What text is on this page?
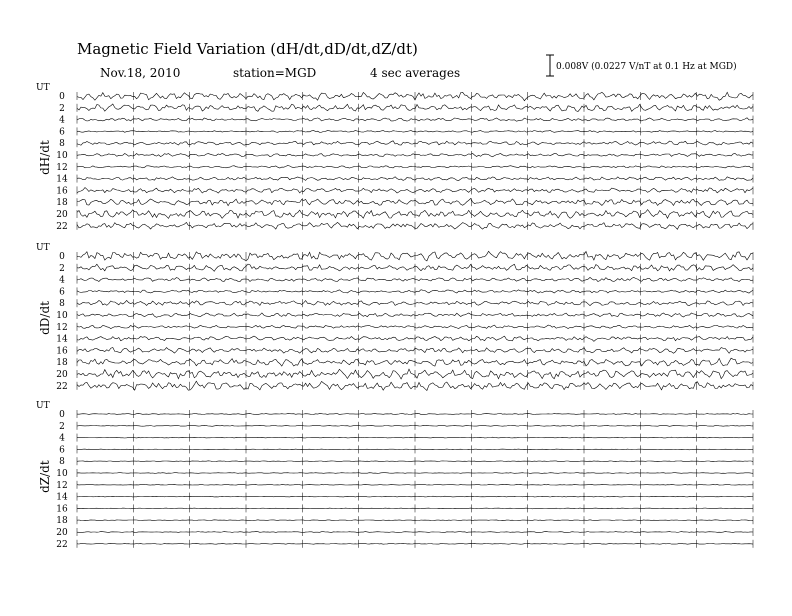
Magnetic Field Variation (dH/dt,dD/dt,dZ/dt)
Nov.18, 2010	station=MGD	4 sec averages	0.008V (0.0227 V/nT at 0.1 Hz at MGD)
UT
dH/dt
0
2
4
6
8
10
12
14
16
18
20
22
UT
dD/dt
0
2
4
6
8
10
12
14
16
18
20
22
UT
dZ/dt
0
2
4
6
8
10
12
14
16
18
20
22
